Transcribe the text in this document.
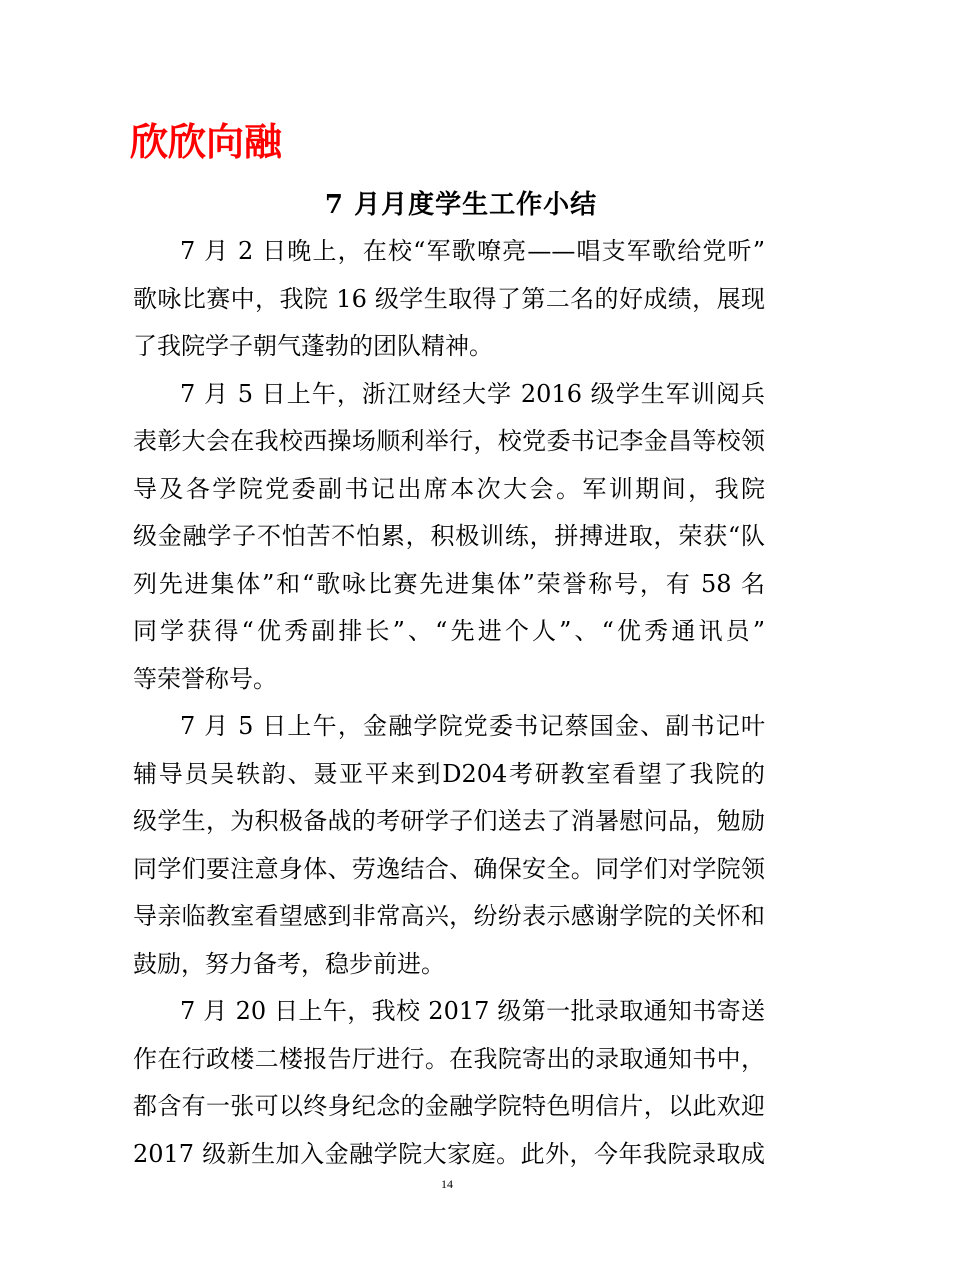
欣欣向融
7 月月度学生工作小结
7 月 2 日晚上，在校“军歌嘹亮——唱支军歌给党听”
歌咏比赛中，我院 16 级学生取得了第二名的好成绩，展现
了我院学子朝气蓬勃的团队精神。
7 月 5 日上午，浙江财经大学 2016 级学生军训阅兵
表彰大会在我校西操场顺利举行，校党委书记李金昌等校领
导及各学院党委副书记出席本次大会。军训期间，我院
级金融学子不怕苦不怕累，积极训练，拼搏进取，荣获“队
列先进集体”和“歌咏比赛先进集体”荣誉称号，有 58 名
同学获得“优秀副排长”、“先进个人”、“优秀通讯员”
等荣誉称号。
7 月 5 日上午，金融学院党委书记蔡国金、副书记叶
辅导员吴轶韵、聂亚平来到D204考研教室看望了我院的
级学生，为积极备战的考研学子们送去了消暑慰问品，勉励
同学们要注意身体、劳逸结合、确保安全。同学们对学院领
导亲临教室看望感到非常高兴，纷纷表示感谢学院的关怀和
鼓励，努力备考，稳步前进。
7 月 20 日上午，我校 2017 级第一批录取通知书寄送
作在行政楼二楼报告厅进行。在我院寄出的录取通知书中，
都含有一张可以终身纪念的金融学院特色明信片，以此欢迎
2017 级新生加入金融学院大家庭。此外，今年我院录取成
14
